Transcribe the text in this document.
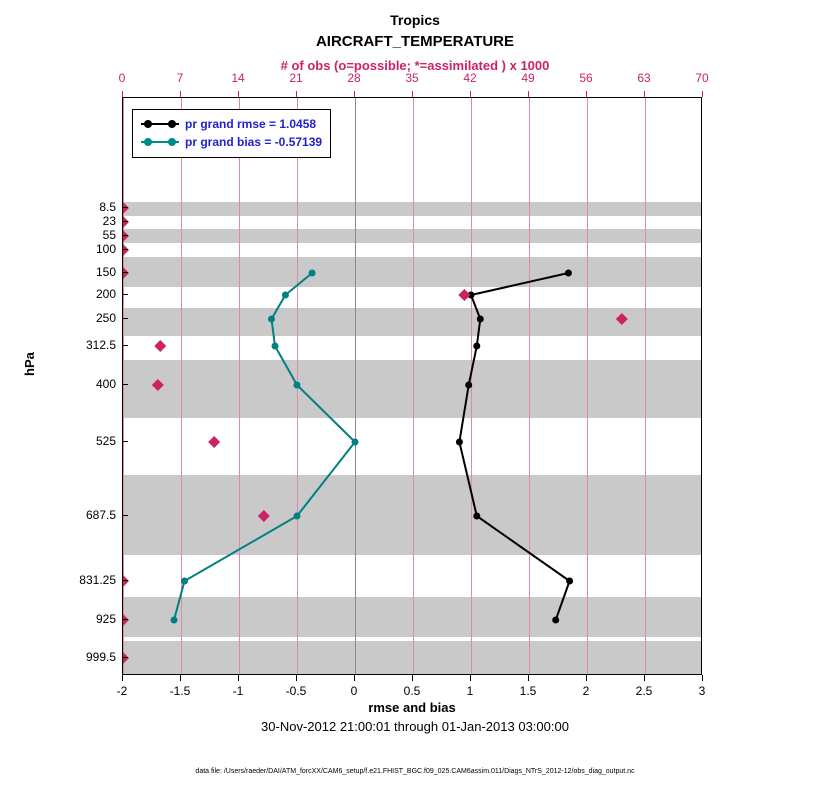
Tropics
AIRCRAFT_TEMPERATURE
# of obs (o=possible; *=assimilated ) x 1000
0	7	14	21	28	35	42	49	56	63	70
8.5
23
55
100
150
200
250
312.5
400
525
687.5
831.25
925
999.5
hPa
-2	-1.5	-1	-0.5	0	0.5	1	1.5	2	2.5	3
rmse and bias
30-Nov-2012 21:00:01 through 01-Jan-2013 03:00:00
data file: /Users/raeder/DAI/ATM_forcXX/CAM6_setup/f.e21.FHIST_BGC.f09_025.CAM6assim.011/Diags_NTrS_2012-12/obs_diag_output.nc
pr grand rmse = 1.0458
pr grand bias = -0.57139
